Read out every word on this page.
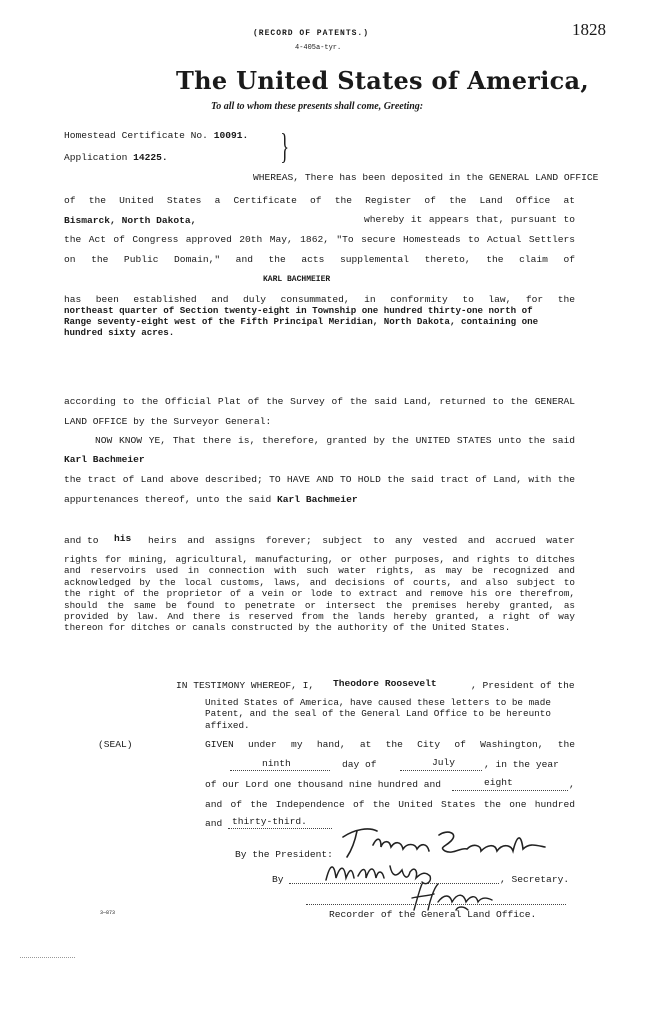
(RECORD OF PATENTS.)
4-405a-tyr.
1828
The United States of America,
To all to whom these presents shall come, Greeting:
Homestead Certificate No. 10091.
Application 14225.	}
WHEREAS, There has been deposited in the GENERAL LAND OFFICE
of the United States a Certificate of the Register of the Land Office at
Bismarck, North Dakota,	whereby it appears that, pursuant to
the Act of Congress approved 20th May, 1862, "To secure Homesteads to Actual Settlers
on the Public Domain," and the acts supplemental thereto, the claim of
KARL BACHMEIER
has been established and duly consummated, in conformity to law, for the
northeast quarter of Section twenty-eight in Township one hundred thirty-one north of
Range seventy-eight west of the Fifth Principal Meridian, North Dakota, containing one
hundred sixty acres.
according to the Official Plat of the Survey of the said Land, returned to the GENERAL
LAND OFFICE by the Surveyor General:
NOW KNOW YE, That there is, therefore, granted by the UNITED STATES unto the said
Karl Bachmeier
the tract of Land above described; TO HAVE AND TO HOLD the said tract of Land, with the
appurtenances thereof, unto the said Karl Bachmeier
and to his heirs and assigns forever; subject to any vested and accrued water
rights for mining, agricultural, manufacturing, or other purposes, and rights to ditches
and reservoirs used in connection with such water rights, as may be recognized and
acknowledged by the local customs, laws, and decisions of courts, and also subject to
the right of the proprietor of a vein or lode to extract and remove his ore therefrom,
should the same be found to penetrate or intersect the premises hereby granted, as
provided by law. And there is reserved from the lands hereby granted, a right of way
thereon for ditches or canals constructed by the authority of the United States.
IN TESTIMONY WHEREOF, I, Theodore Roosevelt	, President of the
United States of America, have caused these letters to be made
Patent, and the seal of the General Land Office to be hereunto
affixed.
(SEAL)	GIVEN under my hand, at the City of Washington, the
ninth	day of	July	, in the year
of our Lord one thousand nine hundred and	eight	,
and of the Independence of the United States the one hundred
and thirty-third.
By the President:
By	, Secretary.
Recorder of the General Land Office.
3—873
